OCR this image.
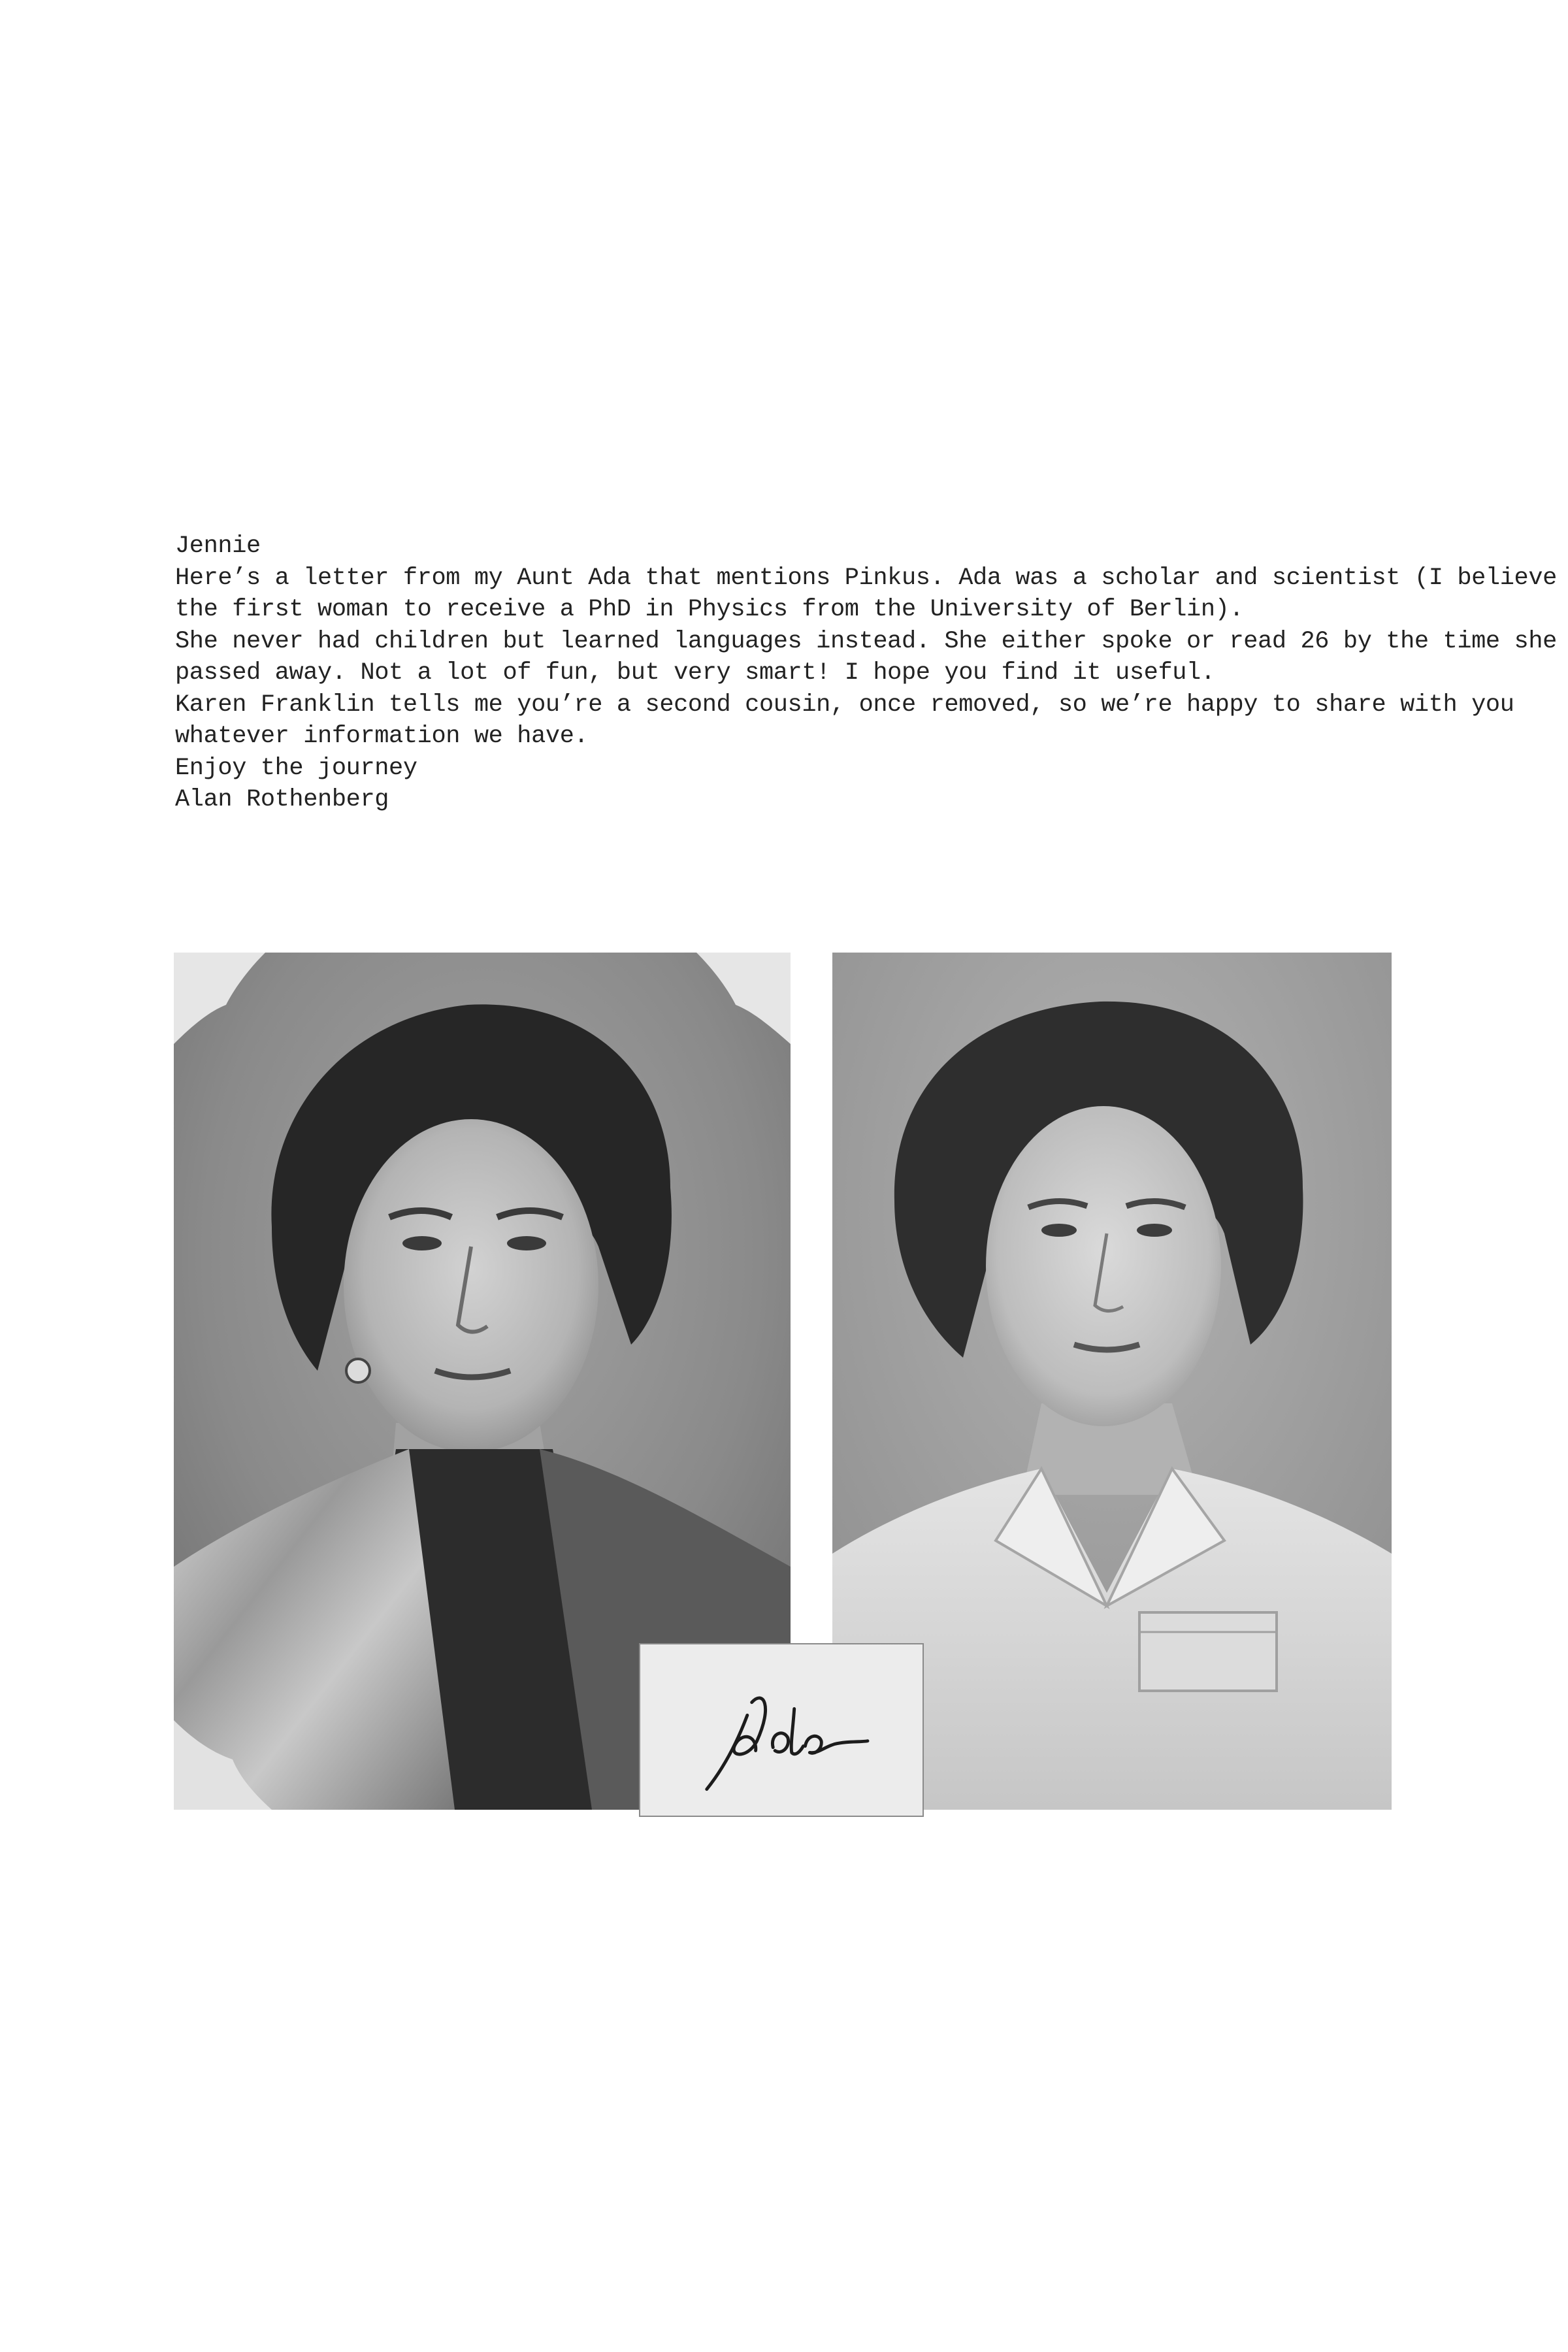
Jennie
Here’s a letter from my Aunt Ada that mentions Pinkus. Ada was a scholar and scientist (I believe
the first woman to receive a PhD in Physics from the University of Berlin).
She never had children but learned languages instead. She either spoke or read 26 by the time she
passed away. Not a lot of fun, but very smart! I hope you find it useful.
Karen Franklin tells me you’re a second cousin, once removed, so we’re happy to share with you
whatever information we have.
Enjoy the journey
Alan Rothenberg
